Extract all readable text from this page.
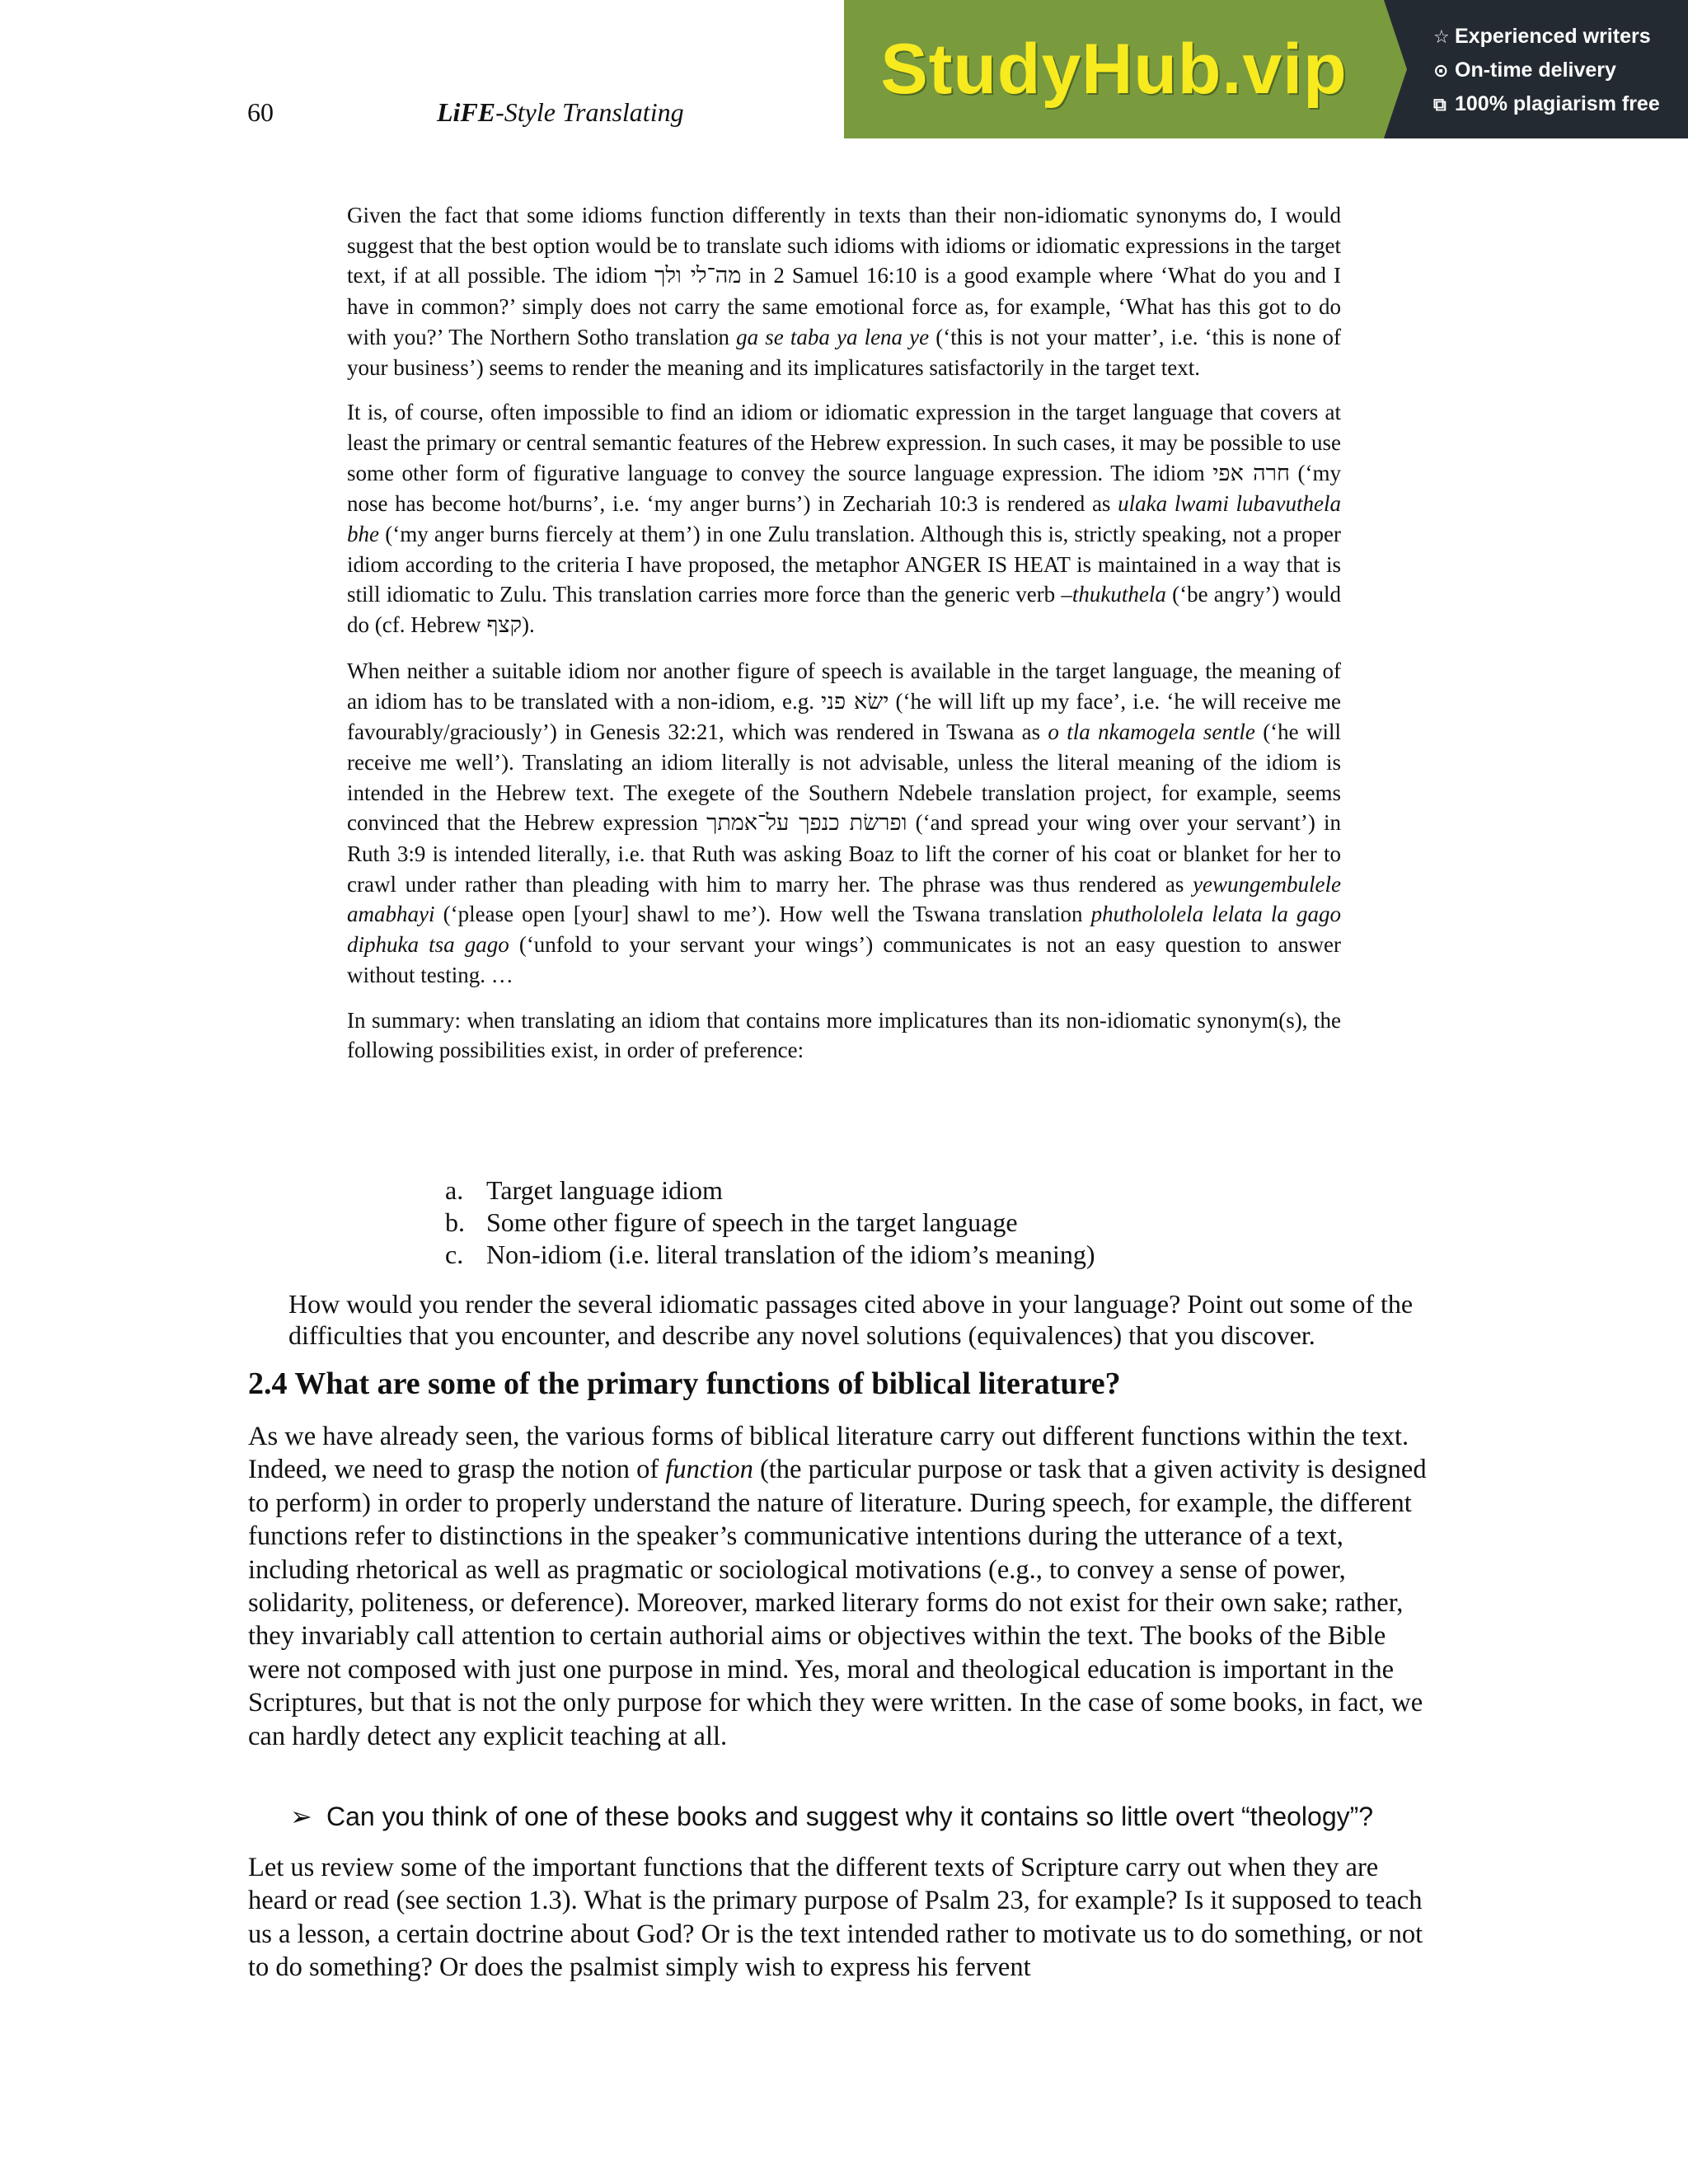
60	LiFE-Style Translating
StudyHub.vip	☆ Experienced writers
⊙ On-time delivery
⧉ 100% plagiarism free

Given the fact that some idioms function differently in texts than their non-idiomatic synonyms do, I would suggest that the best option would be to translate such idioms with idioms or idiomatic expressions in the target text, if at all possible. The idiom מה־לי ולך in 2 Samuel 16:10 is a good example where ‘What do you and I have in common?’ simply does not carry the same emotional force as, for example, ‘What has this got to do with you?’ The Northern Sotho translation ga se taba ya lena ye (‘this is not your matter’, i.e. ‘this is none of your business’) seems to render the meaning and its implicatures satisfactorily in the target text.

It is, of course, often impossible to find an idiom or idiomatic expression in the target language that covers at least the primary or central semantic features of the Hebrew expression. In such cases, it may be possible to use some other form of figurative language to convey the source language expression. The idiom חרה אפי (‘my nose has become hot/burns’, i.e. ‘my anger burns’) in Zechariah 10:3 is rendered as ulaka lwami lubavuthela bhe (‘my anger burns fiercely at them’) in one Zulu translation. Although this is, strictly speaking, not a proper idiom according to the criteria I have proposed, the metaphor ANGER IS HEAT is maintained in a way that is still idiomatic to Zulu. This translation carries more force than the generic verb –thukuthela (‘be angry’) would do (cf. Hebrew קצף).

When neither a suitable idiom nor another figure of speech is available in the target language, the meaning of an idiom has to be translated with a non-idiom, e.g. ישׂא פני (‘he will lift up my face’, i.e. ‘he will receive me favourably/graciously’) in Genesis 32:21, which was rendered in Tswana as o tla nkamogela sentle (‘he will receive me well’). Translating an idiom literally is not advisable, unless the literal meaning of the idiom is intended in the Hebrew text. The exegete of the Southern Ndebele translation project, for example, seems convinced that the Hebrew expression ופרשׂת כנפך על־אמתך (‘and spread your wing over your servant’) in Ruth 3:9 is intended literally, i.e. that Ruth was asking Boaz to lift the corner of his coat or blanket for her to crawl under rather than pleading with him to marry her. The phrase was thus rendered as yewungembulele amabhayi (‘please open [your] shawl to me’). How well the Tswana translation phuthololela lelata la gago diphuka tsa gago (‘unfold to your servant your wings’) communicates is not an easy question to answer without testing. …

In summary: when translating an idiom that contains more implicatures than its non-idiomatic synonym(s), the following possibilities exist, in order of preference:

a. Target language idiom
b. Some other figure of speech in the target language
c. Non-idiom (i.e. literal translation of the idiom’s meaning)
How would you render the several idiomatic passages cited above in your language? Point out some of the difficulties that you encounter, and describe any novel solutions (equivalences) that you discover.
2.4 What are some of the primary functions of biblical literature?
As we have already seen, the various forms of biblical literature carry out different functions within the text. Indeed, we need to grasp the notion of function (the particular purpose or task that a given activity is designed to perform) in order to properly understand the nature of literature. During speech, for example, the different functions refer to distinctions in the speaker’s communicative intentions during the utterance of a text, including rhetorical as well as pragmatic or sociological motivations (e.g., to convey a sense of power, solidarity, politeness, or deference). Moreover, marked literary forms do not exist for their own sake; rather, they invariably call attention to certain authorial aims or objectives within the text. The books of the Bible were not composed with just one purpose in mind. Yes, moral and theological education is important in the Scriptures, but that is not the only purpose for which they were written. In the case of some books, in fact, we can hardly detect any explicit teaching at all.
➢ Can you think of one of these books and suggest why it contains so little overt “theology”?
Let us review some of the important functions that the different texts of Scripture carry out when they are heard or read (see section 1.3). What is the primary purpose of Psalm 23, for example? Is it supposed to teach us a lesson, a certain doctrine about God? Or is the text intended rather to motivate us to do something, or not to do something? Or does the psalmist simply wish to express his fervent
